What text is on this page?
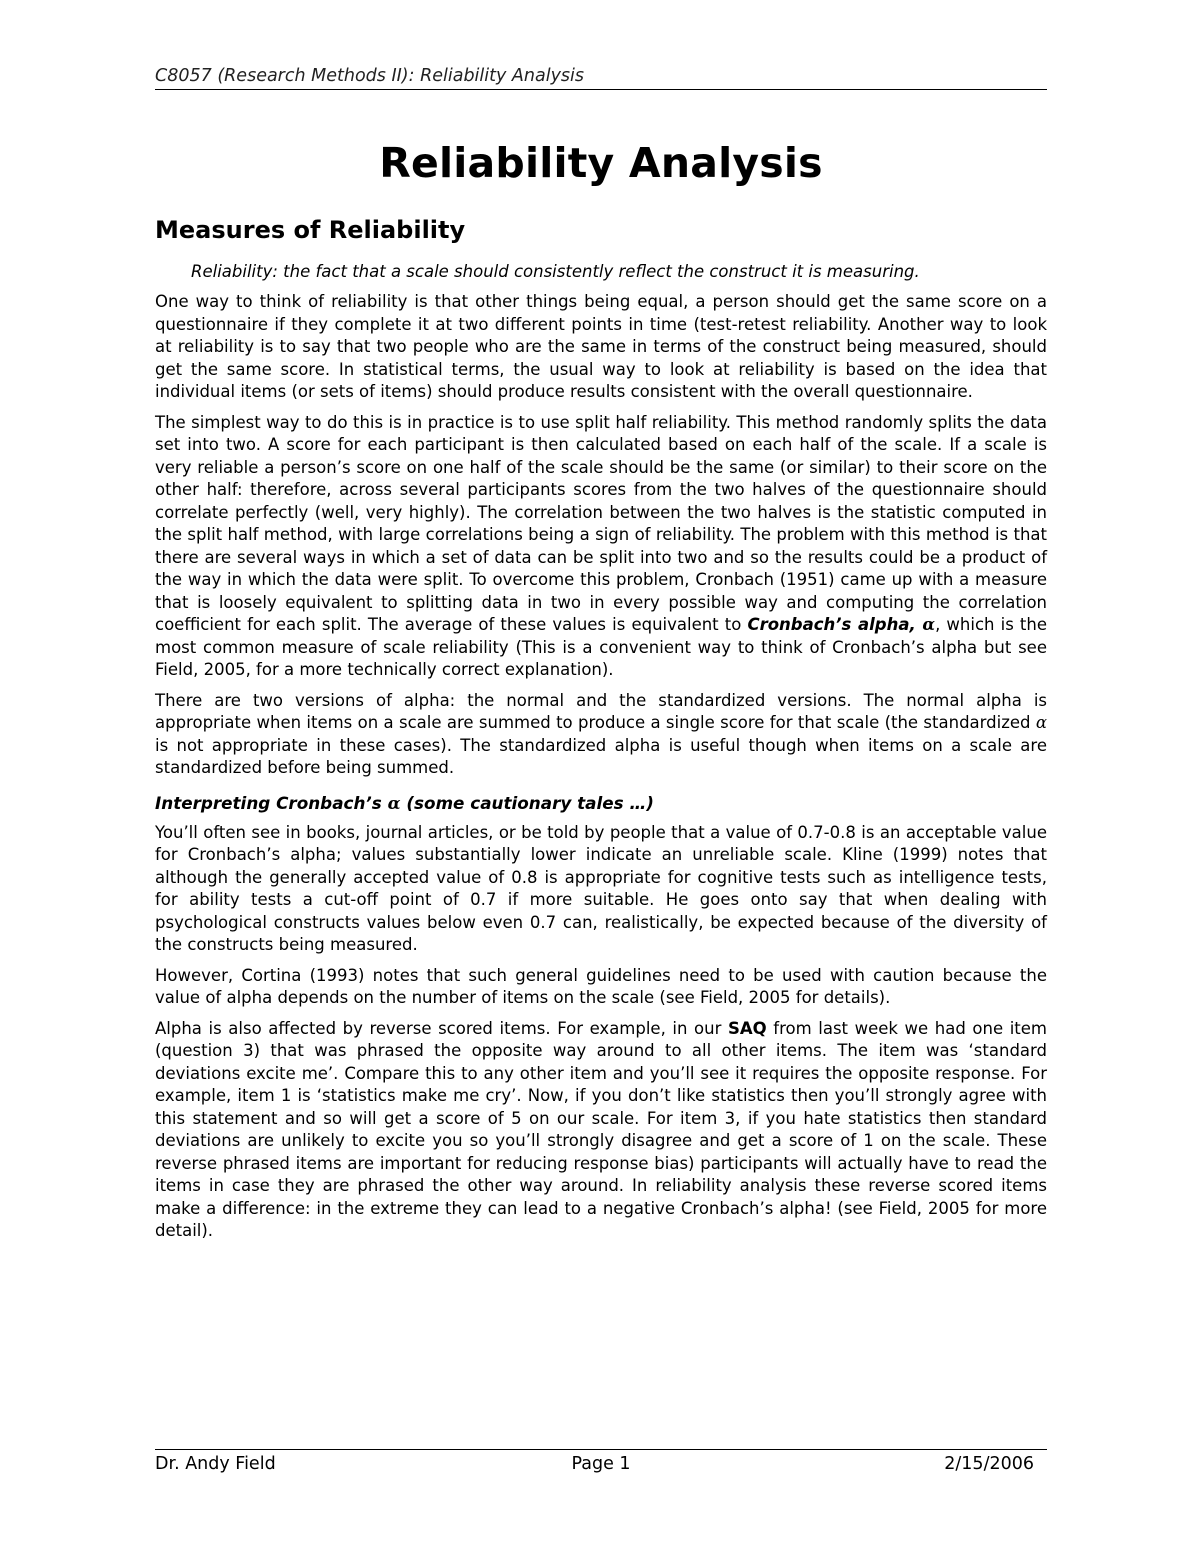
C8057 (Research Methods II): Reliability Analysis
Reliability Analysis
Measures of Reliability
Reliability: the fact that a scale should consistently reflect the construct it is measuring.

One way to think of reliability is that other things being equal, a person should get the same score on a questionnaire if they complete it at two different points in time (test-retest reliability. Another way to look at reliability is to say that two people who are the same in terms of the construct being measured, should get the same score. In statistical terms, the usual way to look at reliability is based on the idea that individual items (or sets of items) should produce results consistent with the overall questionnaire.

The simplest way to do this is in practice is to use split half reliability. This method randomly splits the data set into two. A score for each participant is then calculated based on each half of the scale. If a scale is very reliable a person’s score on one half of the scale should be the same (or similar) to their score on the other half: therefore, across several participants scores from the two halves of the questionnaire should correlate perfectly (well, very highly). The correlation between the two halves is the statistic computed in the split half method, with large correlations being a sign of reliability. The problem with this method is that there are several ways in which a set of data can be split into two and so the results could be a product of the way in which the data were split. To overcome this problem, Cronbach (1951) came up with a measure that is loosely equivalent to splitting data in two in every possible way and computing the correlation coefficient for each split. The average of these values is equivalent to Cronbach’s alpha, α, which is the most common measure of scale reliability (This is a convenient way to think of Cronbach’s alpha but see Field, 2005, for a more technically correct explanation).

There are two versions of alpha: the normal and the standardized versions. The normal alpha is appropriate when items on a scale are summed to produce a single score for that scale (the standardized α is not appropriate in these cases). The standardized alpha is useful though when items on a scale are standardized before being summed.

Interpreting Cronbach’s α (some cautionary tales …)

You’ll often see in books, journal articles, or be told by people that a value of 0.7-0.8 is an acceptable value for Cronbach’s alpha; values substantially lower indicate an unreliable scale. Kline (1999) notes that although the generally accepted value of 0.8 is appropriate for cognitive tests such as intelligence tests, for ability tests a cut-off point of 0.7 if more suitable. He goes onto say that when dealing with psychological constructs values below even 0.7 can, realistically, be expected because of the diversity of the constructs being measured.

However, Cortina (1993) notes that such general guidelines need to be used with caution because the value of alpha depends on the number of items on the scale (see Field, 2005 for details).

Alpha is also affected by reverse scored items. For example, in our SAQ from last week we had one item (question 3) that was phrased the opposite way around to all other items. The item was ‘standard deviations excite me’. Compare this to any other item and you’ll see it requires the opposite response. For example, item 1 is ‘statistics make me cry’. Now, if you don’t like statistics then you’ll strongly agree with this statement and so will get a score of 5 on our scale. For item 3, if you hate statistics then standard deviations are unlikely to excite you so you’ll strongly disagree and get a score of 1 on the scale. These reverse phrased items are important for reducing response bias) participants will actually have to read the items in case they are phrased the other way around. In reliability analysis these reverse scored items make a difference: in the extreme they can lead to a negative Cronbach’s alpha! (see Field, 2005 for more detail).

Dr. Andy Field	Page 1	2/15/2006
